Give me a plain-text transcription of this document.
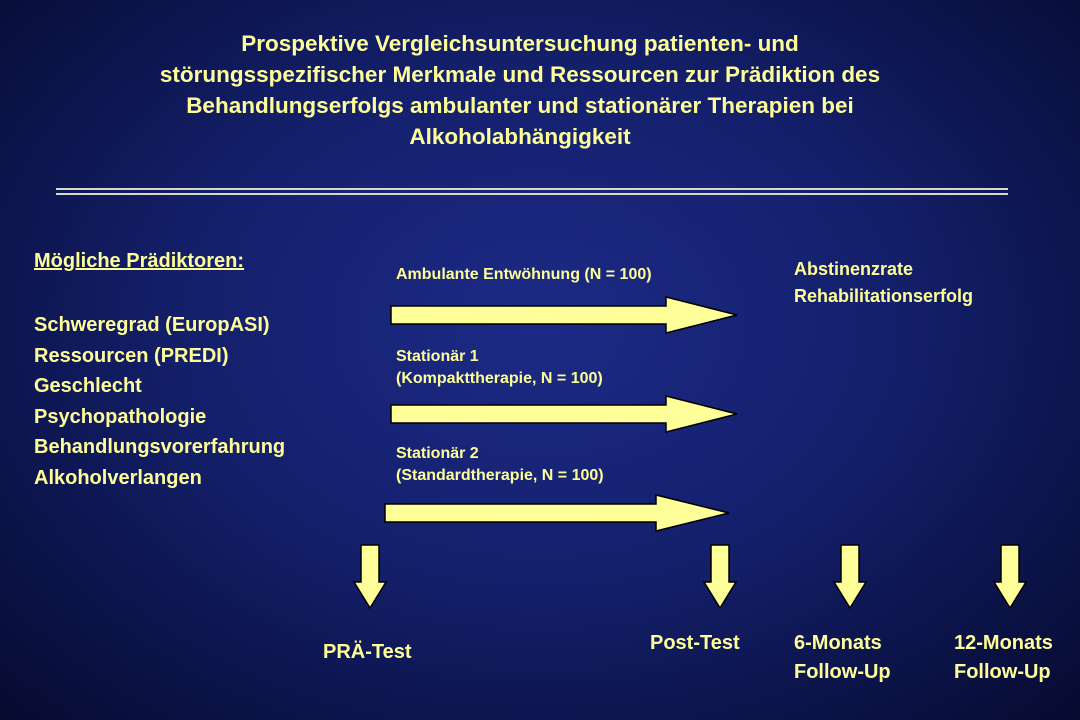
Prospektive Vergleichsuntersuchung patienten- und
störungsspezifischer Merkmale und Ressourcen zur Prädiktion des
Behandlungserfolgs ambulanter und stationärer Therapien bei
Alkoholabhängigkeit
Mögliche Prädiktoren:
Schweregrad (EuropASI)
Ressourcen (PREDI)
Geschlecht
Psychopathologie
Behandlungsvorerfahrung
Alkoholverlangen
Ambulante Entwöhnung (N = 100)
Stationär 1
(Kompakttherapie, N = 100)
Stationär 2
(Standardtherapie, N = 100)
Abstinenzrate
Rehabilitationserfolg
PRÄ-Test	Post-Test	6-Monats
Follow-Up
12-Monats
Follow-Up
